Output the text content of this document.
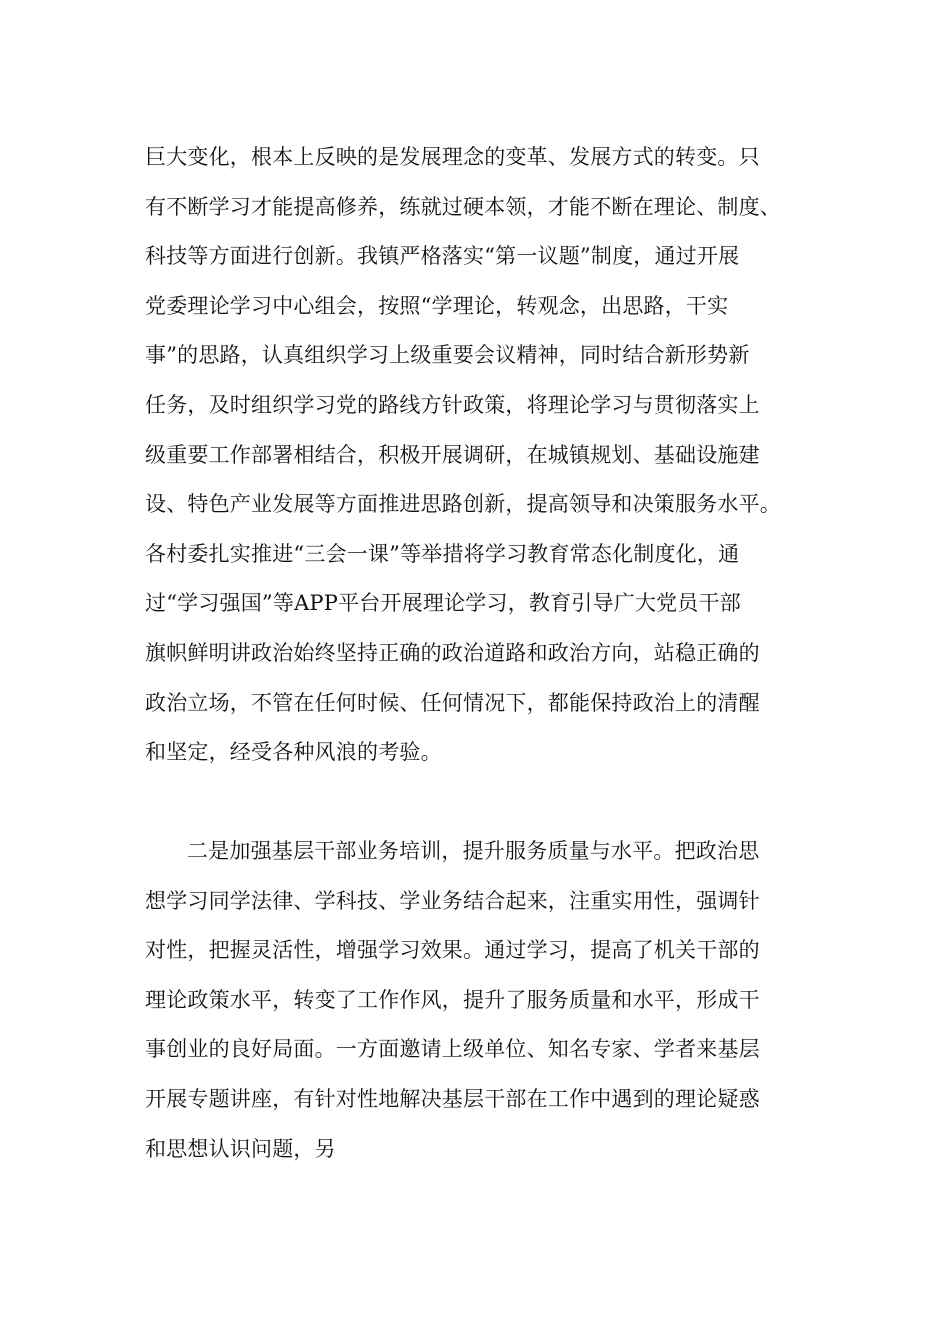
巨大变化，根本上反映的是发展理念的变革、发展方式的转变。只
有不断学习才能提高修养，练就过硬本领，才能不断在理论、制度、
科技等方面进行创新。我镇严格落实“第一议题”制度，通过开展
党委理论学习中心组会，按照“学理论，转观念，出思路，干实
事”的思路，认真组织学习上级重要会议精神，同时结合新形势新
任务，及时组织学习党的路线方针政策，将理论学习与贯彻落实上
级重要工作部署相结合，积极开展调研，在城镇规划、基础设施建
设、特色产业发展等方面推进思路创新，提高领导和决策服务水平。
各村委扎实推进“三会一课”等举措将学习教育常态化制度化，通
过“学习强国”等APP平台开展理论学习，教育引导广大党员干部
旗帜鲜明讲政治始终坚持正确的政治道路和政治方向，站稳正确的
政治立场，不管在任何时候、任何情况下，都能保持政治上的清醒
和坚定，经受各种风浪的考验。
二是加强基层干部业务培训，提升服务质量与水平。把政治思
想学习同学法律、学科技、学业务结合起来，注重实用性，强调针
对性，把握灵活性，增强学习效果。通过学习，提高了机关干部的
理论政策水平，转变了工作作风，提升了服务质量和水平，形成干
事创业的良好局面。一方面邀请上级单位、知名专家、学者来基层
开展专题讲座，有针对性地解决基层干部在工作中遇到的理论疑惑
和思想认识问题，另
